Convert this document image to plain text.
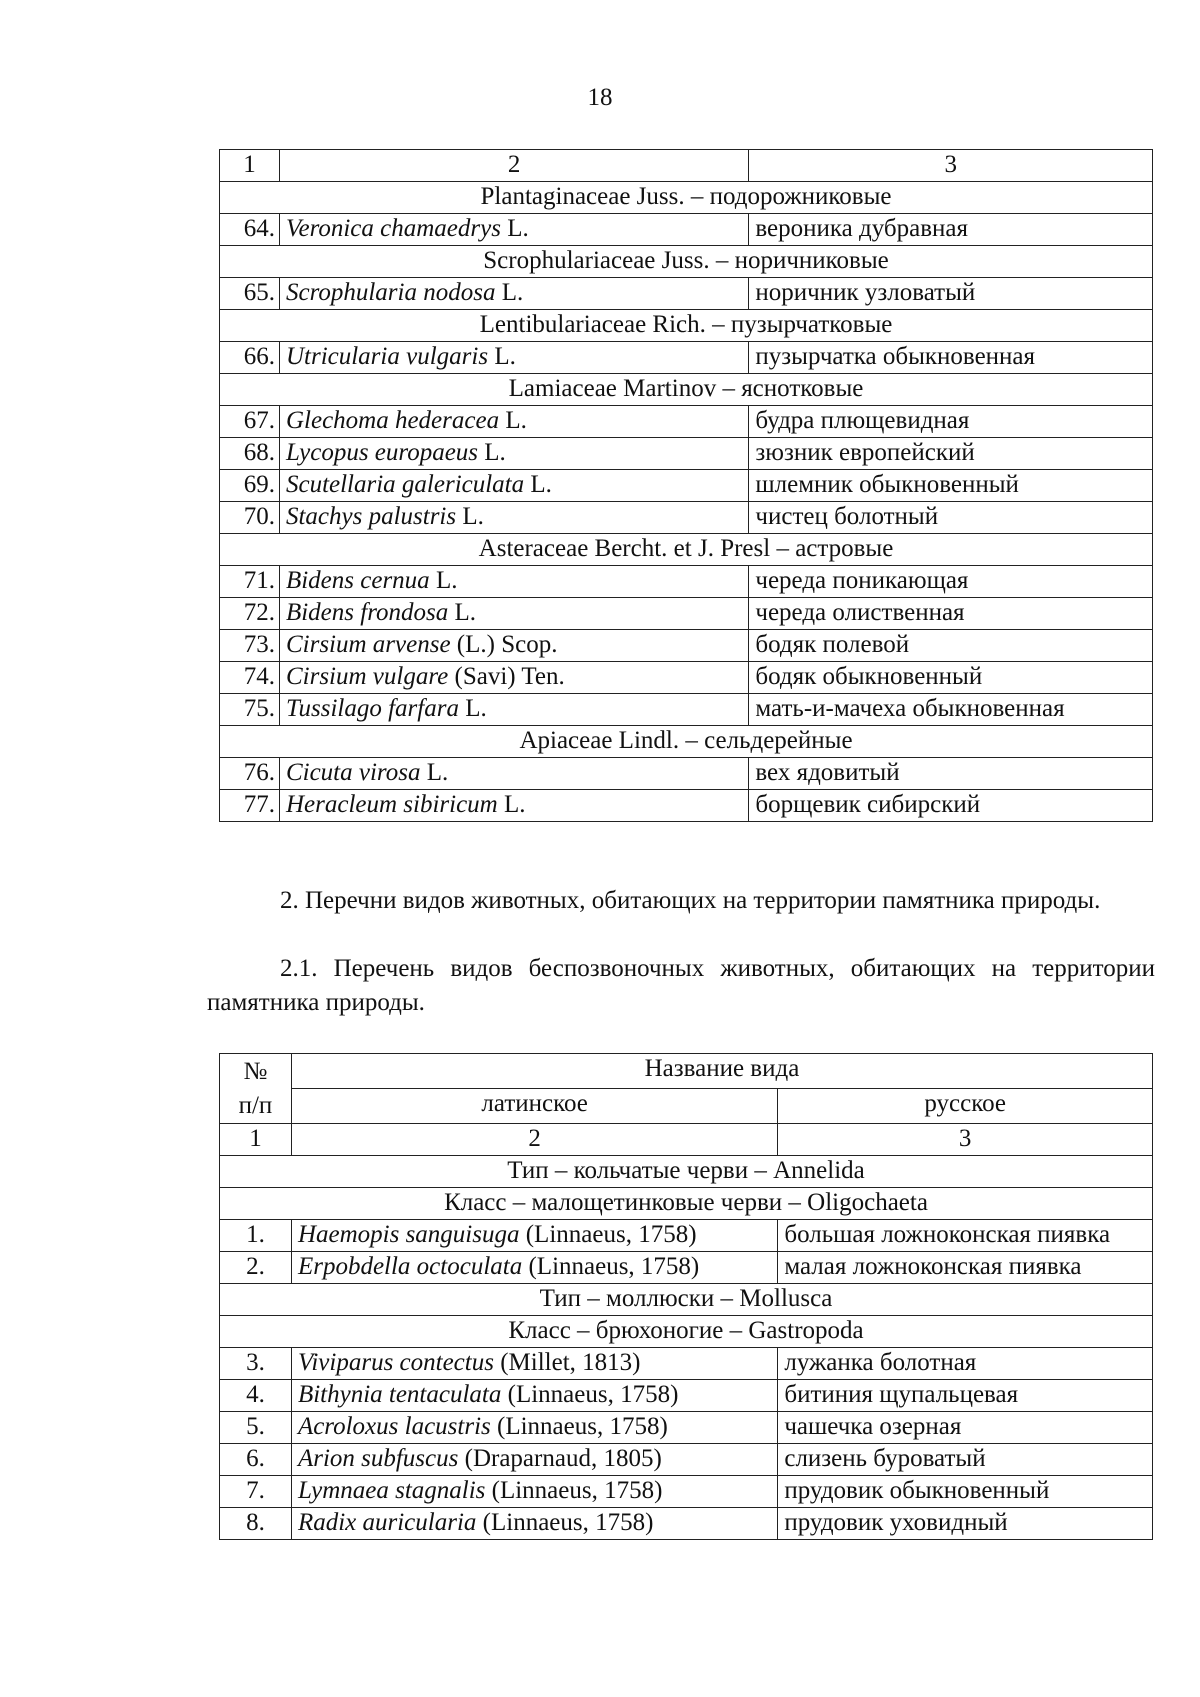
18
1	2	3
Plantaginaceae Juss. – подорожниковые		
64.	Veronica chamaedrys L.	вероника дубравная
Scrophulariaceae Juss. – норичниковые		
65.	Scrophularia nodosa L.	норичник узловатый
Lentibulariaceae Rich. – пузырчатковые		
66.	Utricularia vulgaris L.	пузырчатка обыкновенная
Lamiaceae Martinov – яснотковые		
67.	Glechoma hederacea L.	будра плющевидная
68.	Lycopus europaeus L.	зюзник европейский
69.	Scutellaria galericulata L.	шлемник обыкновенный
70.	Stachys palustris L.	чистец болотный
Asteraceae Bercht. et J. Presl – астровые		
71.	Bidens cernua L.	череда поникающая
72.	Bidens frondosa L.	череда олиственная
73.	Cirsium arvense (L.) Scop.	бодяк полевой
74.	Cirsium vulgare (Savi) Ten.	бодяк обыкновенный
75.	Tussilago farfara L.	мать-и-мачеха обыкновенная
Apiaceae Lindl. – сельдерейные		
76.	Cicuta virosa L.	вех ядовитый
77.	Heracleum sibiricum L.	борщевик сибирский
2. Перечни видов животных, обитающих на территории памятника природы.
2.1. Перечень видов беспозвоночных животных, обитающих на территории памятника природы.
№
п/п	Название вида	
	латинское	русское
1	2	3
Тип – кольчатые черви – Annelida		
Класс – малощетинковые черви – Oligochaeta		
1.	Haemopis sanguisuga (Linnaeus, 1758)	большая ложноконская пиявка
2.	Erpobdella octoculata (Linnaeus, 1758)	малая ложноконская пиявка
Тип – моллюски – Mollusca		
Класс – брюхоногие – Gastropoda		
3.	Viviparus contectus (Millet, 1813)	лужанка болотная
4.	Bithynia tentaculata (Linnaeus, 1758)	битиния щупальцевая
5.	Acroloxus lacustris (Linnaeus, 1758)	чашечка озерная
6.	Arion subfuscus (Draparnaud, 1805)	слизень буроватый
7.	Lymnaea stagnalis (Linnaeus, 1758)	прудовик обыкновенный
8.	Radix auricularia (Linnaeus, 1758)	прудовик уховидный
